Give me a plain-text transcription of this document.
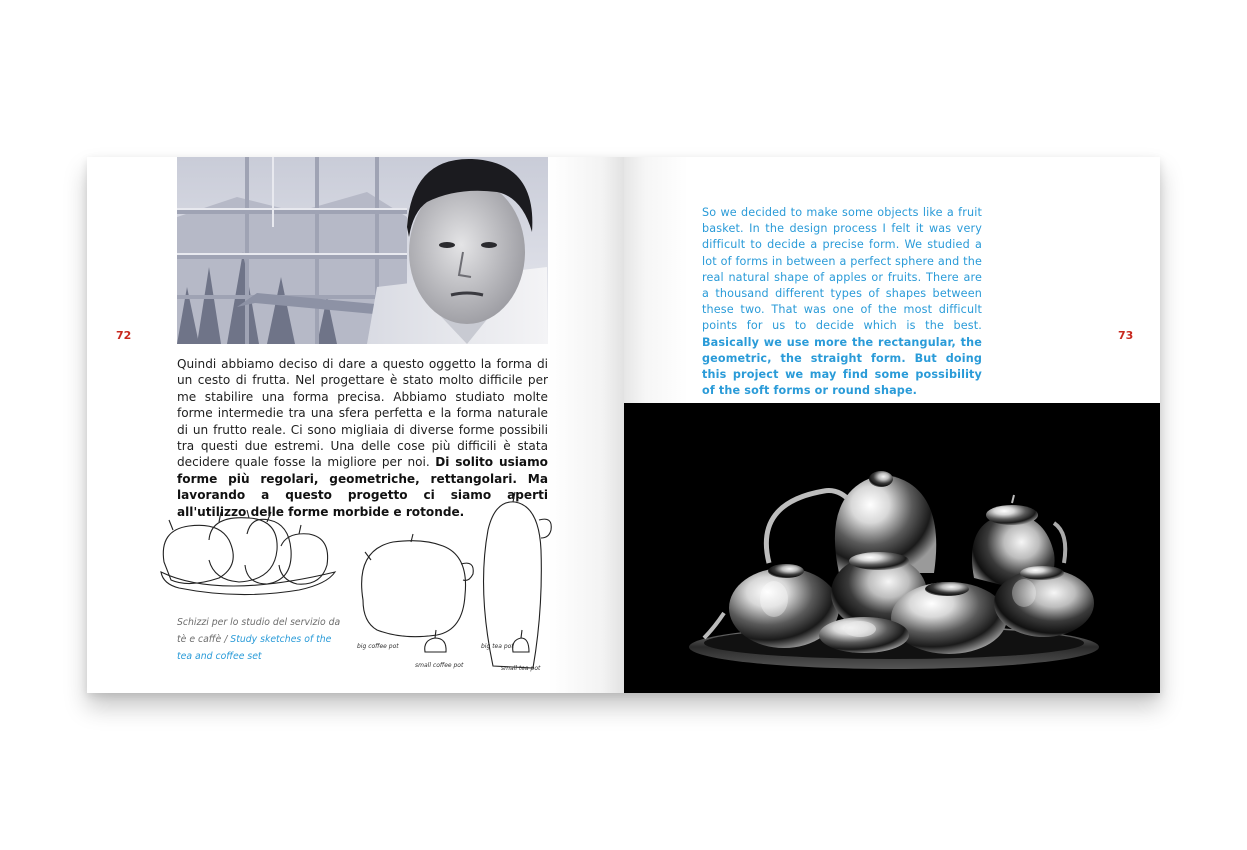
72
Quindi abbiamo deciso di dare a questo oggetto la forma di un cesto di frutta. Nel progettare è stato molto difficile per me stabilire una forma precisa. Abbiamo studiato molte forme intermedie tra una sfera perfetta e la forma naturale di un frutto reale. Ci sono migliaia di diverse forme possibili tra questi due estremi. Una delle cose più difficili è stata decidere quale fosse la migliore per noi. Di solito usiamo forme più regolari, geometriche, rettangolari. Ma lavorando a questo progetto ci siamo aperti all'utilizzo delle forme morbide e rotonde.
big coffee pot
small coffee pot
big tea pot
small tea pot
Schizzi per lo studio del servizio da tè e caffè / Study sketches of the tea and coffee set
73
So we decided to make some objects like a fruit basket. In the design process I felt it was very difficult to decide a precise form. We studied a lot of forms in between a perfect sphere and the real natural shape of apples or fruits. There are a thousand different types of shapes between these two. That was one of the most difficult points for us to decide which is the best. Basically we use more the rectangular, the geometric, the straight form. But doing this project we may find some possibility of the soft forms or round shape.
